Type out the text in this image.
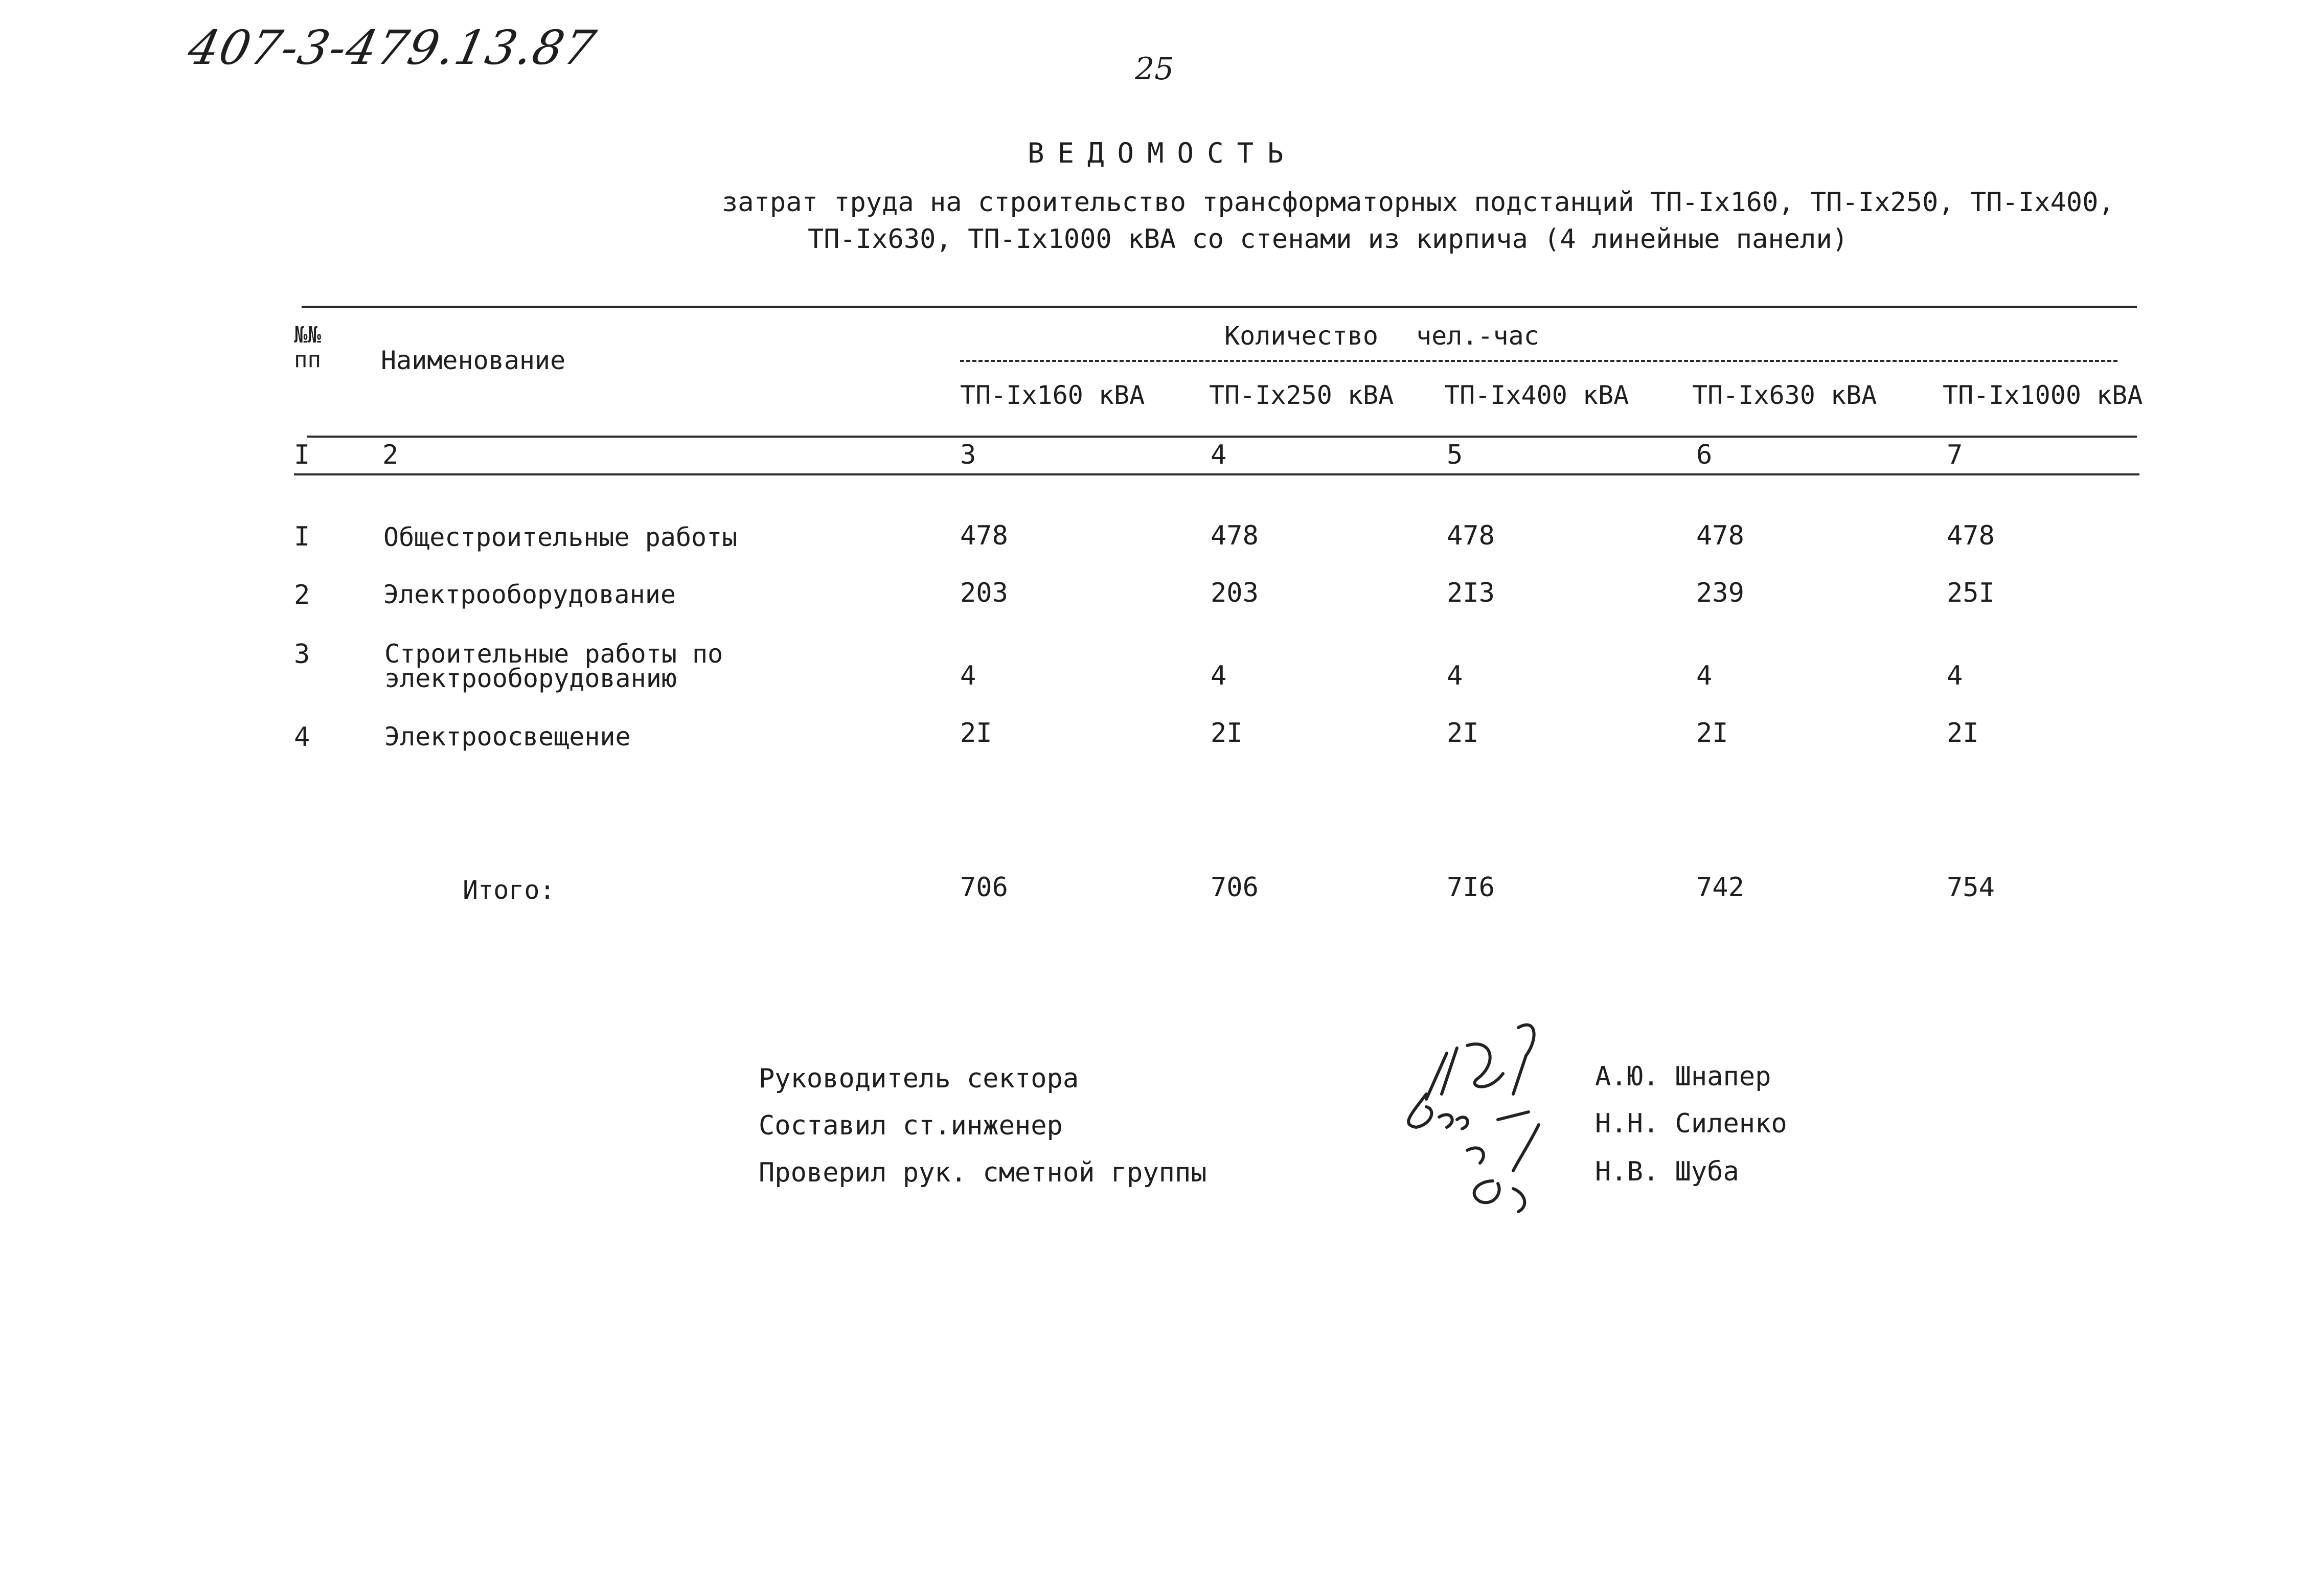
407-3-479.13.87	25
ВЕДОМОСТЬ
затрат труда на строительство трансформаторных подстанций ТП-Iх160, ТП-Iх250, ТП-Iх400,
ТП-Iх630, ТП-Iх1000 кВА со стенами из кирпича (4 линейные панели)
№№
пп Наименование
Количество чел.-час
ТП-Iх160 кВА	ТП-Iх250 кВА ТП-Iх400 кВА ТП-Iх630 кВА	ТП-Iх1000 кВА
I	2	3	4	5	6	7
I	Общестроительные работы	478	478	478	478	478
2	Электрооборудование	203	203	2I3	239	25I
3	Строительные работы по
электрооборудованию	4	4	4	4	4
4	Электроосвещение	2I	2I	2I	2I	2I
Итого:	706	706	7I6	742	754
Руководитель сектора
Составил ст.инженер
Проверил рук. сметной группы
А.Ю. Шнапер
Н.Н. Силенко
Н.В. Шуба
